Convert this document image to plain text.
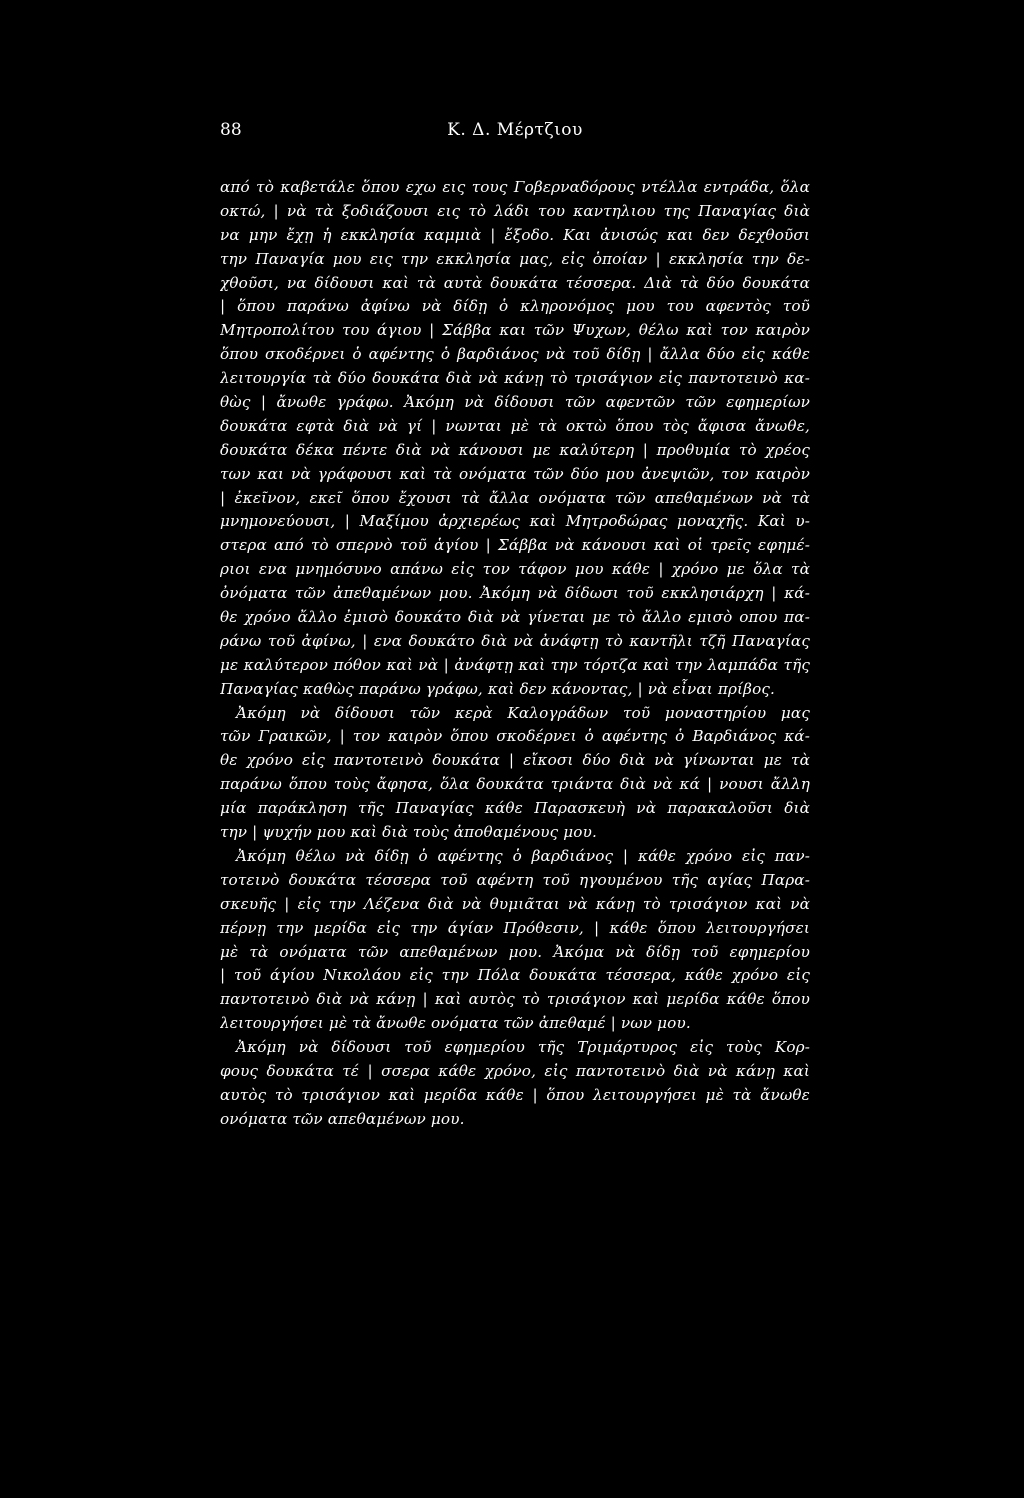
88	Κ. Δ. Μέρτζιου
από τὸ καβετάλε ὅπου εχω εις τους Γοβερναδόρους ντέλλα εντράδα, ὅλα
οκτώ, | νὰ τὰ ξοδιάζουσι εις τὸ λάδι του καντηλιου της Παναγίας διὰ
να μην ἔχῃ ἡ εκκλησία καμμιὰ | ἔξοδο. Και ἀνισώς και δεν δεχθοῦσι
την Παναγία μου εις την εκκλησία μας, εἰς ὁποίαν | εκκλησία την δε-
χθοῦσι, να δίδουσι καὶ τὰ αυτὰ δουκάτα τέσσερα. Διὰ τὰ δύο δουκάτα
| ὅπου παράνω ἀφίνω νὰ δίδῃ ὁ κληρονόμος μου του αφεντὸς τοῦ
Μητροπολίτου του άγιου | Σάββα και τῶν Ψυχων, θέλω καὶ τον καιρὸν
ὅπου σκοδέρνει ὁ αφέντης ὁ βαρδιάνος νὰ τοῦ δίδῃ | ἄλλα δύο εἰς κάθε
λειτουργία τὰ δύο δουκάτα διὰ νὰ κάνῃ τὸ τρισάγιον εἰς παντοτεινὸ κα-
θὼς | ἄνωθε γράφω. Ἀκόμη νὰ δίδουσι τῶν αφεντῶν τῶν εφημερίων
δουκάτα εφτὰ διὰ νὰ γί | νωνται μὲ τὰ οκτὼ ὅπου τὸς ἄφισα ἄνωθε,
δουκάτα δέκα πέντε διὰ νὰ κάνουσι με καλύτερη | προθυμία τὸ χρέος
των και νὰ γράφουσι καὶ τὰ ονόματα τῶν δύο μου ἀνεψιῶν, τον καιρὸν
| ἐκεῖνον, εκεῖ ὅπου ἔχουσι τὰ ἄλλα ονόματα τῶν απεθαμένων νὰ τὰ
μνημονεύουσι, | Μαξίμου ἀρχιερέως καὶ Μητροδώρας μοναχῆς. Καὶ υ-
στερα από τὸ σπερνὸ τοῦ ἁγίου | Σάββα νὰ κάνουσι καὶ οἱ τρεῖς εφημέ-
ριοι ενα μνημόσυνο απάνω εἰς τον τάφον μου κάθε | χρόνο με ὅλα τὰ
ὀνόματα τῶν ἀπεθαμένων μου. Ἀκόμη νὰ δίδωσι τοῦ εκκλησιάρχη | κά-
θε χρόνο ἄλλο ἐμισὸ δουκάτο διὰ νὰ γίνεται με τὸ ἄλλο εμισὸ οπου πα-
ράνω τοῦ ἀφίνω, | ενα δουκάτο διὰ νὰ ἀνάφτῃ τὸ καντῆλι τζῆ Παναγίας
με καλύτερον πόθον καὶ νὰ | ἀνάφτῃ καὶ την τόρτζα καὶ την λαμπάδα τῆς
Παναγίας καθὼς παράνω γράφω, καὶ δεν κάνοντας, | νὰ εἶναι πρίβος.
Ἀκόμη νὰ δίδουσι τῶν κερὰ Καλογράδων τοῦ μοναστηρίου μας
τῶν Γραικῶν, | τον καιρὸν ὅπου σκοδέρνει ὁ αφέντης ὁ Βαρδιάνος κά-
θε χρόνο εἰς παντοτεινὸ δουκάτα | εἴκοσι δύο διὰ νὰ γίνωνται με τὰ
παράνω ὅπου τοὺς ἄφησα, ὅλα δουκάτα τριάντα διὰ νὰ κά | νουσι ἄλλη
μία παράκληση τῆς Παναγίας κάθε Παρασκευὴ νὰ παρακαλοῦσι διὰ
την | ψυχήν μου καὶ διὰ τοὺς ἀποθαμένους μου.
Ἀκόμη θέλω νὰ δίδῃ ὁ αφέντης ὁ βαρδιάνος | κάθε χρόνο εἰς παν-
τοτεινὸ δουκάτα τέσσερα τοῦ αφέντη τοῦ ηγουμένου τῆς αγίας Παρα-
σκευῆς | εἰς την Λέζενα διὰ νὰ θυμιᾶται νὰ κάνῃ τὸ τρισάγιον καὶ νὰ
πέρνῃ την μερίδα εἰς την άγίαν Πρόθεσιν, | κάθε ὅπου λειτουργήσει
μὲ τὰ ονόματα τῶν απεθαμένων μου. Ἀκόμα νὰ δίδῃ τοῦ εφημερίου
| τοῦ άγίου Νικολάου εἰς την Πόλα δουκάτα τέσσερα, κάθε χρόνο εἰς
παντοτεινὸ διὰ νὰ κάνῃ | καὶ αυτὸς τὸ τρισάγιον καὶ μερίδα κάθε ὅπου
λειτουργήσει μὲ τὰ ἄνωθε ονόματα τῶν ἀπεθαμέ | νων μου.
Ἀκόμη νὰ δίδουσι τοῦ εφημερίου τῆς Τριμάρτυρος εἰς τοὺς Κορ-
φους δουκάτα τέ | σσερα κάθε χρόνο, εἰς παντοτεινὸ διὰ νὰ κάνῃ καὶ
αυτὸς τὸ τρισάγιον καὶ μερίδα κάθε | ὅπου λειτουργήσει μὲ τὰ ἄνωθε
ονόματα τῶν απεθαμένων μου.
